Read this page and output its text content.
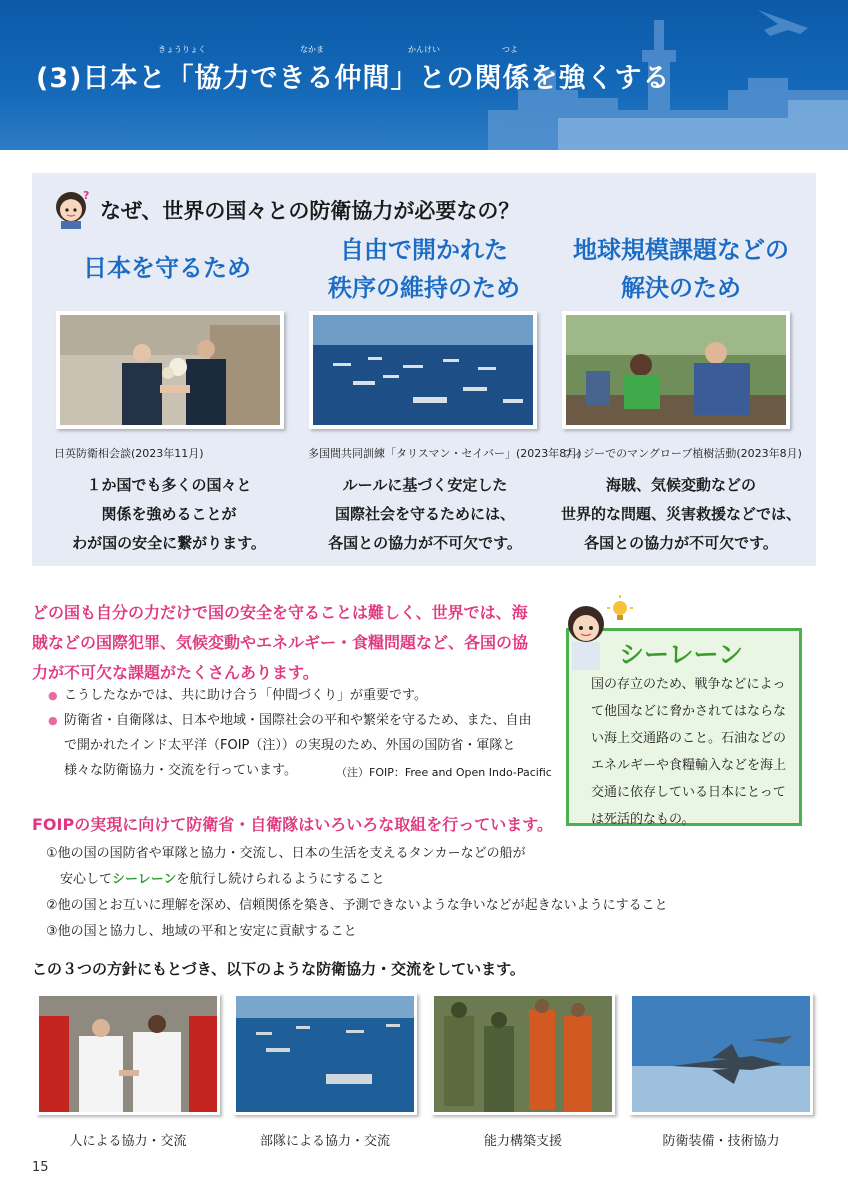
(3)日本と「協力できる仲間」との関係を強くする
きょうりょく	なかま	かんけい	つよ
?
なぜ、世界の国々との防衛協力が必要なの？
日本を守るため
自由で開かれた
秩序の維持のため
地球規模課題などの
解決のため
日英防衛相会談(2023年11月)	多国間共同訓練「タリスマン・セイバー」(2023年8月)
フィジーでのマングローブ植樹活動(2023年8月)
１か国でも多くの国々と
関係を強めることが
わが国の安全に繋がります。
ルールに基づく安定した
国際社会を守るためには、
各国との協力が不可欠です。
海賊、気候変動などの
世界的な問題、災害救援などでは、
各国との協力が不可欠です。
どの国も自分の力だけで国の安全を守ることは難しく、世界では、海賊などの国際犯罪、気候変動やエネルギー・食糧問題など、各国の協力が不可欠な課題がたくさんあります。
● こうしたなかでは、共に助け合う「仲間づくり」が重要です。
● 防衛省・自衛隊は、日本や地域・国際社会の平和や繁栄を守るため、また、自由で開かれたインド太平洋（FOIP（注））の実現のため、外国の国防省・軍隊と様々な防衛協力・交流を行っています。	（注）FOIP：Free and Open Indo-Pacific
シーレーン
国の存立のため、戦争などによって他国などに脅かされてはならない海上交通路のこと。石油などのエネルギーや食糧輸入などを海上交通に依存している日本にとっては死活的なもの。
FOIPの実現に向けて防衛省・自衛隊はいろいろな取組を行っています。
①他の国の国防省や軍隊と協力・交流し、日本の生活を支えるタンカーなどの船が
安心してシーレーンを航行し続けられるようにすること
②他の国とお互いに理解を深め、信頼関係を築き、予測できないような争いなどが起きないようにすること
③他の国と協力し、地域の平和と安定に貢献すること
この３つの方針にもとづき、以下のような防衛協力・交流をしています。
人による協力・交流	部隊による協力・交流	能力構築支援	防衛装備・技術協力
15
